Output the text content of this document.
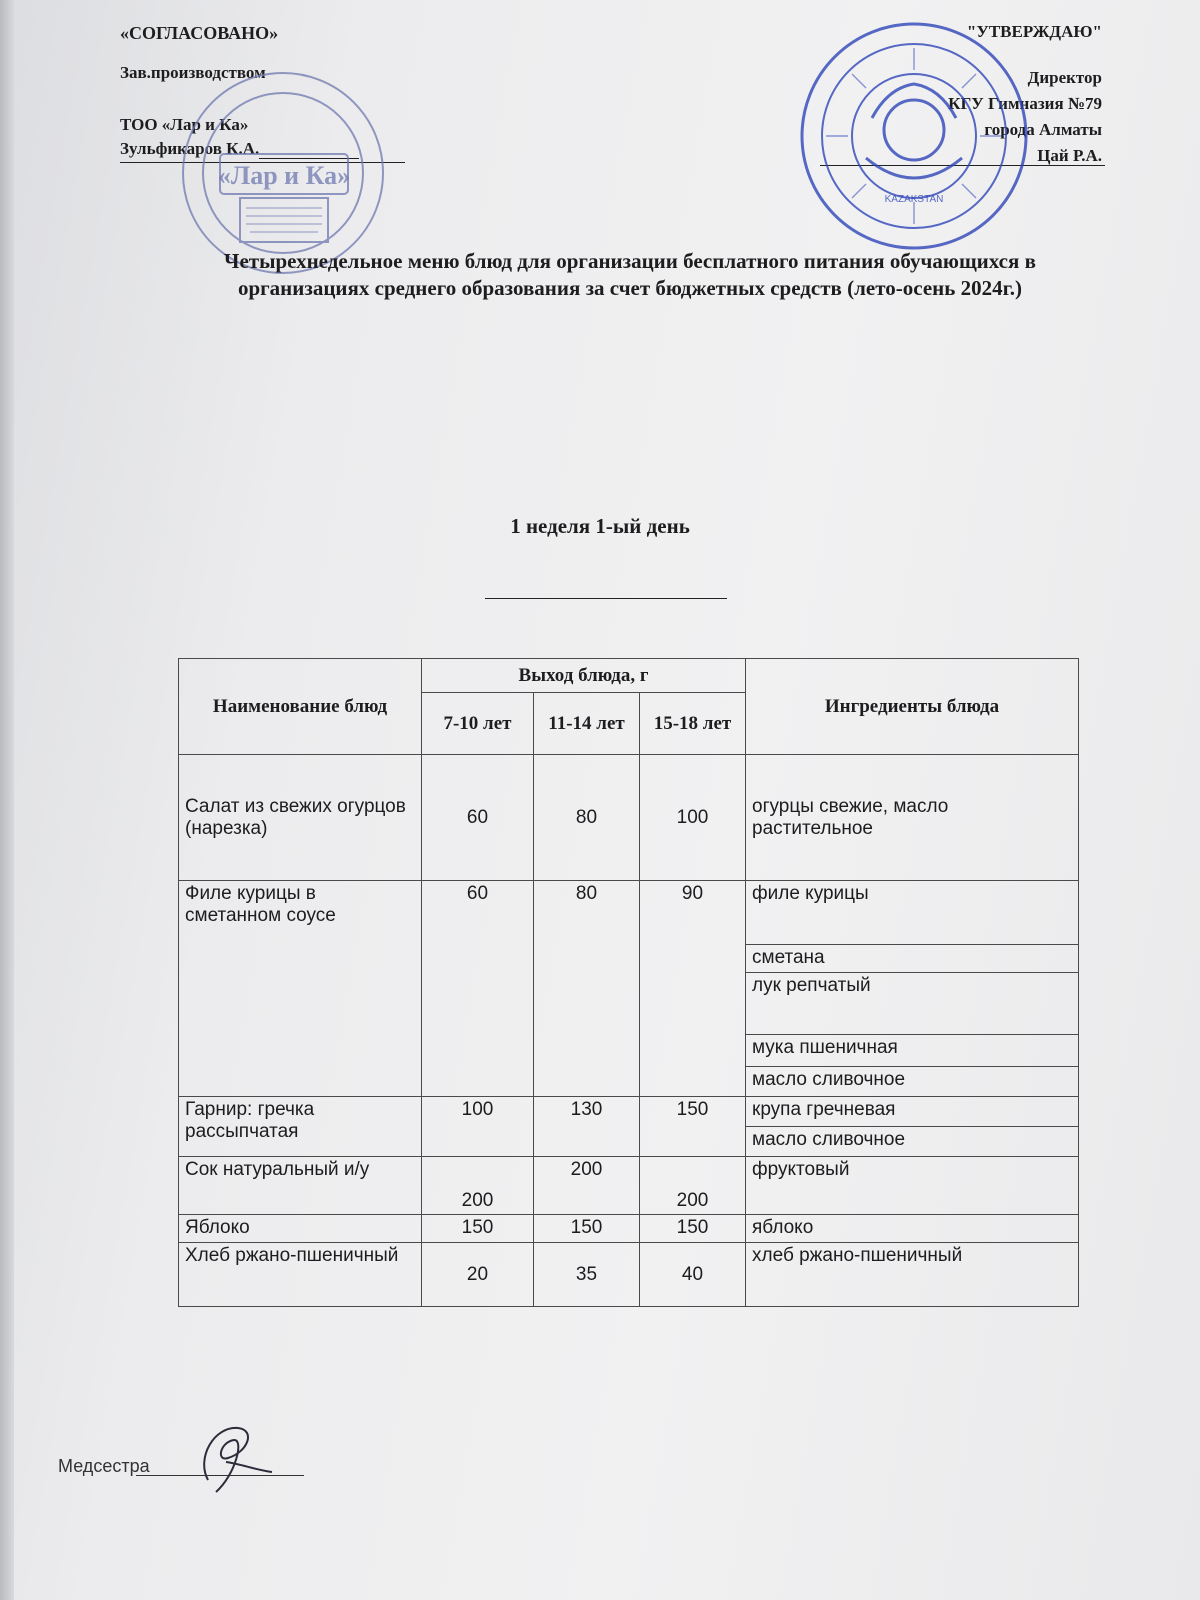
«СОГЛАСОВАНО»
Зав.производством
ТОО «Лар и Ка»
Зульфикаров К.А.
«Лар и Ка»
"УТВЕРЖДАЮ"
Директор
КГУ Гимназия №79
города Алматы
Цай Р.А.
KAZAKSTAN
Четырехнедельное меню блюд для организации бесплатного питания обучающихся в организациях среднего образования за счет бюджетных средств (лето-осень 2024г.)
1 неделя 1-ый день
Наименование блюд	Выход блюда, г			Ингредиенты блюда
	7-10 лет	11-14 лет	15-18 лет	
Салат из свежих огурцов (нарезка)	60	80	100	огурцы свежие, масло растительное
Филе курицы в сметанном соусе	60	80	90	филе курицы
				сметана
				лук репчатый
				мука пшеничная
				масло сливочное
Гарнир: гречка рассыпчатая	100	130	150	крупа гречневая
				масло сливочное
Сок натуральный и/у	200	200	200	фруктовый
Яблоко	150	150	150	яблоко
Хлеб ржано-пшеничный	20	35	40	хлеб ржано-пшеничный
Медсестра
